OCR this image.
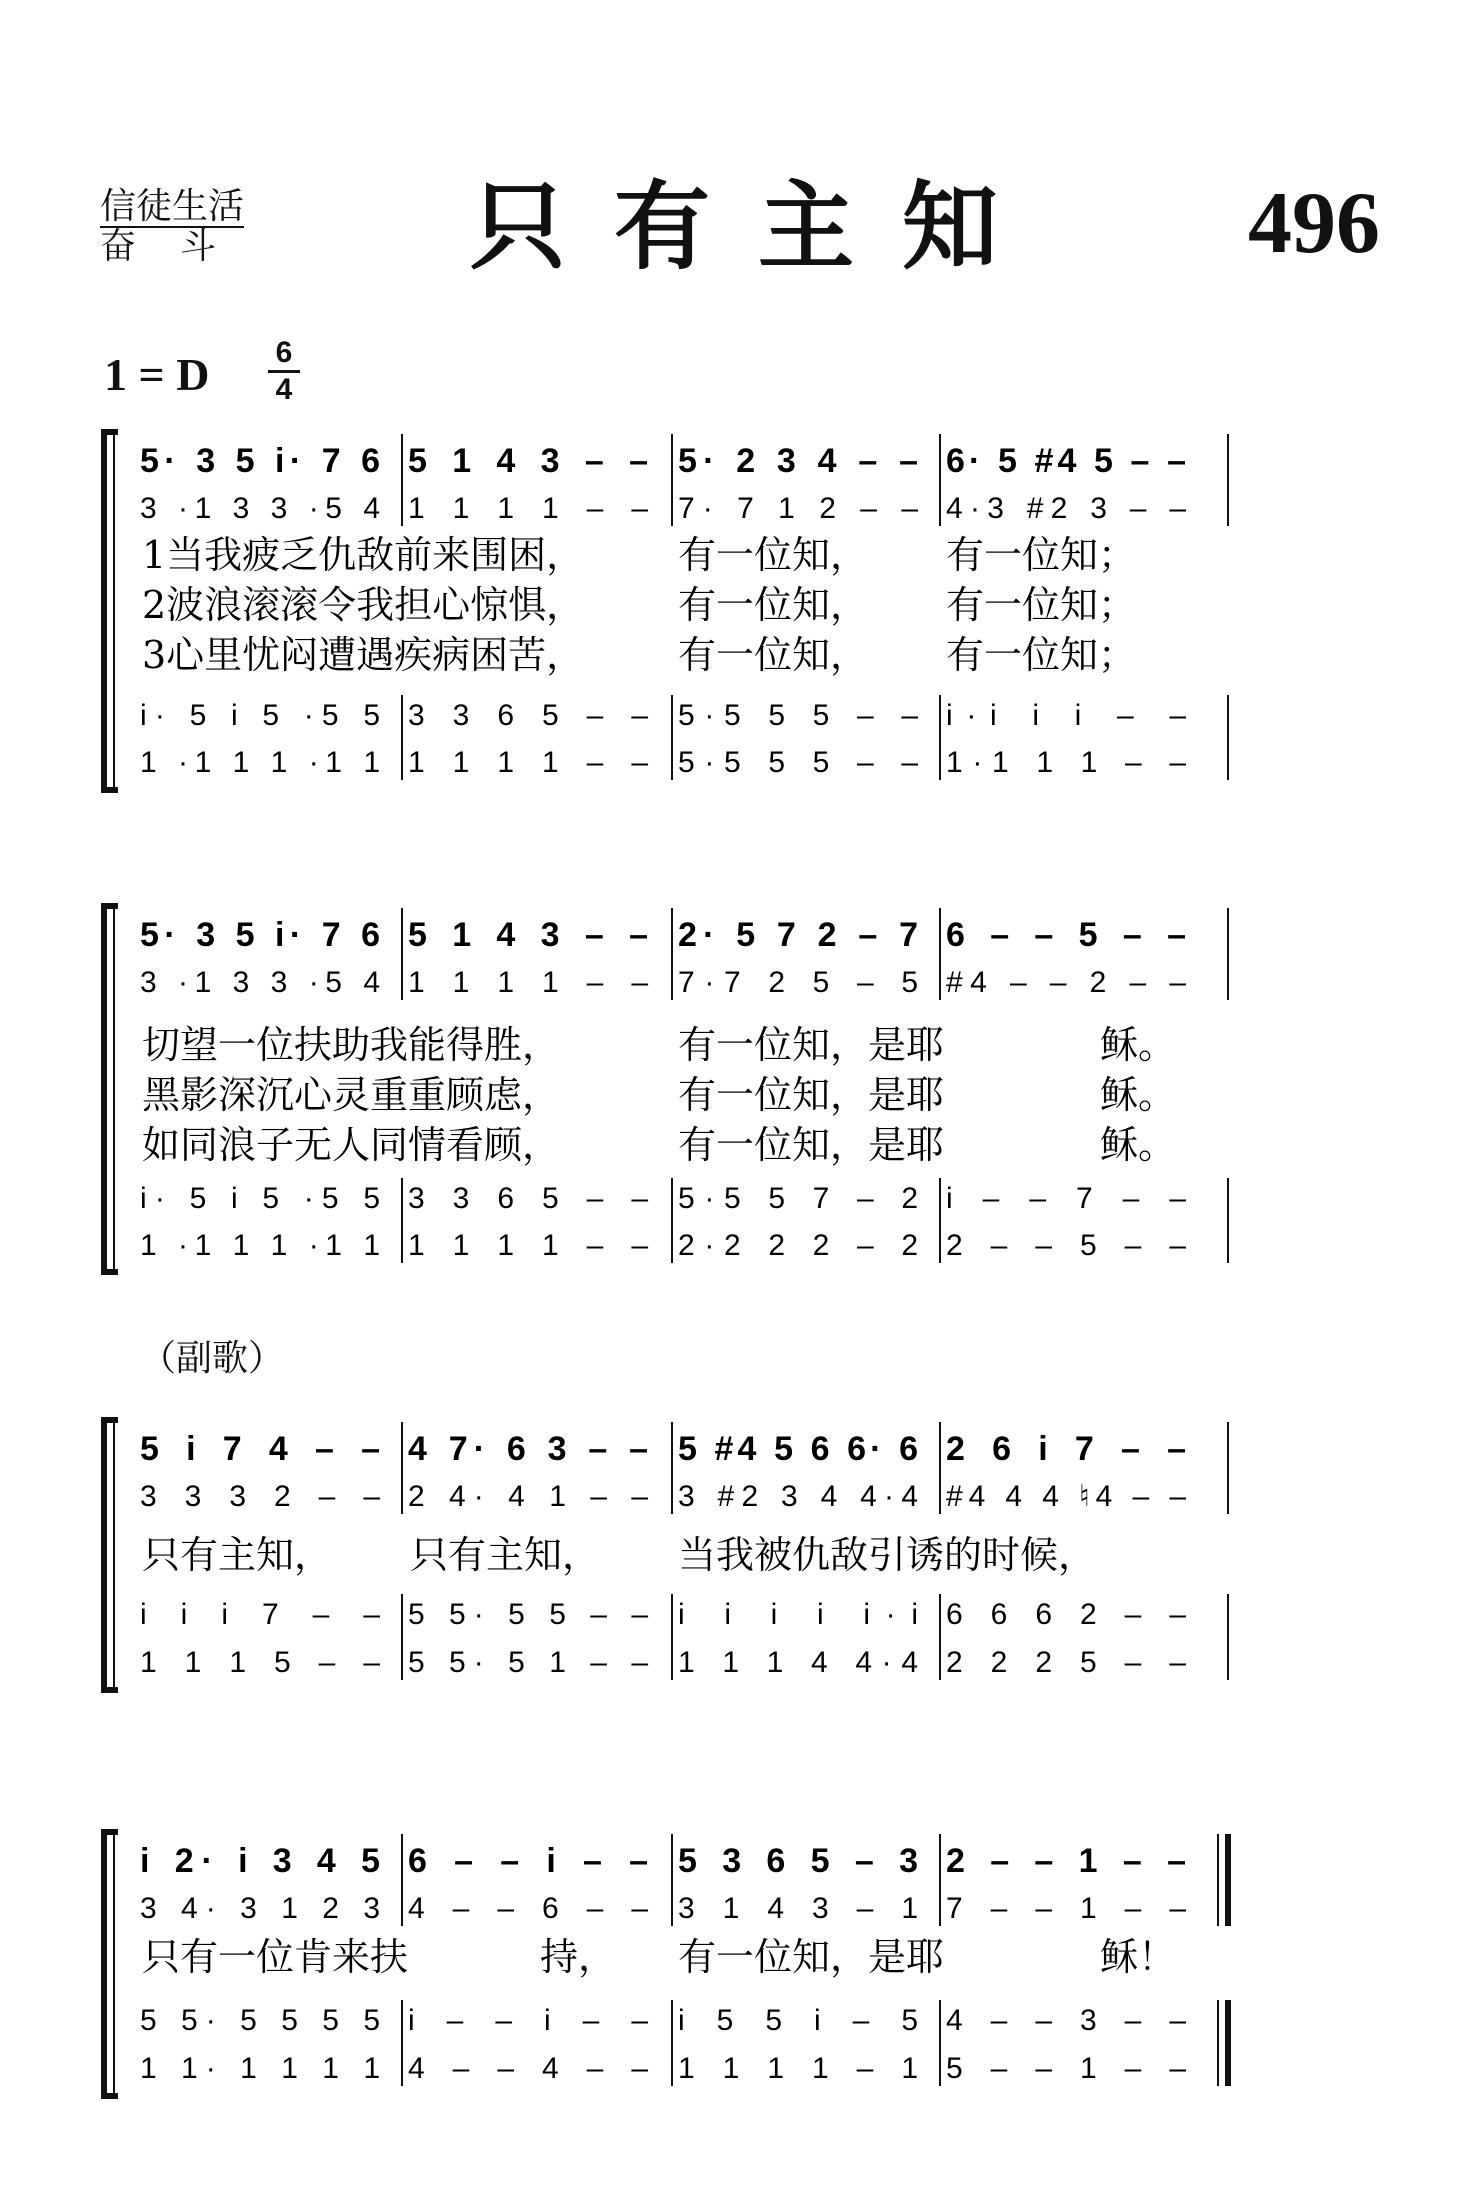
信徒生活
奋斗 只有主知 496
1 = D 6
4
（副歌）
5· 3 5 i· 7 6 5 1 4 3 – – 5· 2 3 4 – – 6· 5 #4 5 – –
3 ·1 3 3 ·5 4 1 1 1 1 – – 7· 7 1 2 – – 4·3 #2 3 – –
i· 5 i 5 ·5 5 3 3 6 5 – – 5·5 5 5 – – i·i i i – –
1 ·1 1 1 ·1 1 1 1 1 1 – – 5·5 5 5 – – 1·1 1 1 – –
1当我疲乏仇敌前来围困， 有一位知， 有一位知；
2波浪滚滚令我担心惊惧， 有一位知， 有一位知；
3心里忧闷遭遇疾病困苦， 有一位知， 有一位知；
5· 3 5 i· 7 6 5 1 4 3 – – 2· 5 7 2 – 7 6 – – 5 – –
3 ·1 3 3 ·5 4 1 1 1 1 – – 7·7 2 5 – 5 #4 – – 2 – –
i· 5 i 5 ·5 5 3 3 6 5 – – 5·5 5 7 – 2 i – – 7 – –
1 ·1 1 1 ·1 1 1 1 1 1 – – 2·2 2 2 – 2 2 – – 5 – –
切望一位扶助我能得胜，	有一位知，是耶	稣。
黑影深沉心灵重重顾虑，	有一位知，是耶	稣。
如同浪子无人同情看顾，	有一位知，是耶	稣。
5 i 7 4 – – 4 7· 6 3 – – 5 #4 5 6 6· 6 2 6 i 7 – –
3 3 3 2 – – 2 4· 4 1 – – 3 #2 3 4 4·4 #4 4 4 ♮4 – –
i i i 7 – – 5 5· 5 5 – – i i i i i·i 6 6 6 2 – –
1 1 1 5 – – 5 5· 5 1 – – 1 1 1 4 4·4 2 2 2 5 – –
只有主知， 只有主知， 当我被仇敌引诱的时候，
i 2· i 3 4 5 6 – – i – – 5 3 6 5 – 3 2 – – 1 – –
3 4· 3 1 2 3 4 – – 6 – – 3 1 4 3 – 1 7 – – 1 – –
5 5· 5 5 5 5 i – – i – – i 5 5 i – 5 4 – – 3 – –
1 1· 1 1 1 1 4 – – 4 – – 1 1 1 1 – 1 5 – – 1 – –
只有一位肯来扶	持， 有一位知，是耶	稣！
